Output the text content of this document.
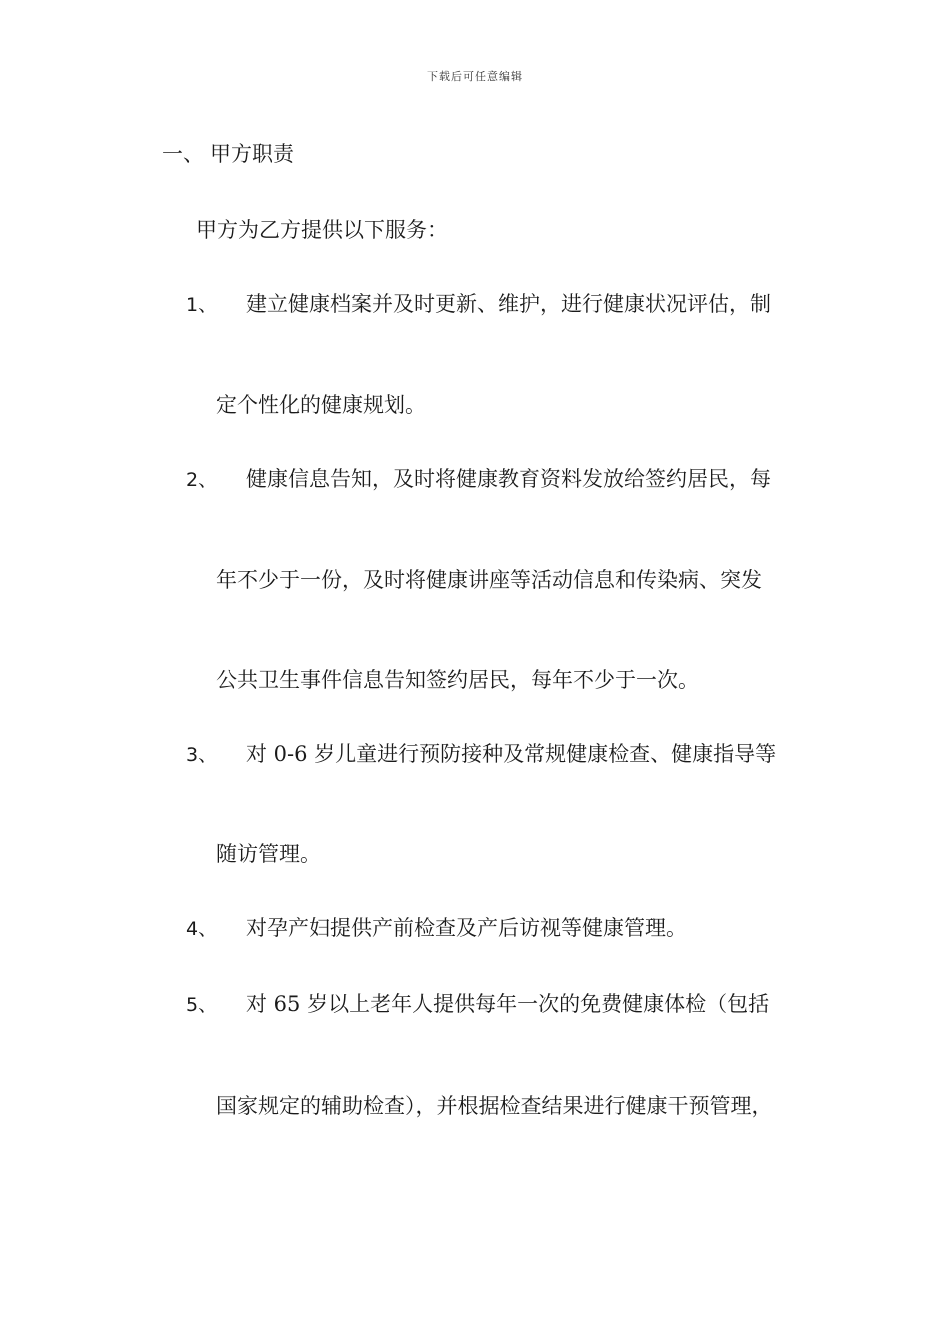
下载后可任意编辑
一、 甲方职责
甲方为乙方提供以下服务：
1、 建立健康档案并及时更新、维护，进行健康状况评估，制
定个性化的健康规划。
2、 健康信息告知，及时将健康教育资料发放给签约居民，每
年不少于一份，及时将健康讲座等活动信息和传染病、突发
公共卫生事件信息告知签约居民，每年不少于一次。
3、 对 0-6 岁儿童进行预防接种及常规健康检查、健康指导等
随访管理。
4、 对孕产妇提供产前检查及产后访视等健康管理。
5、 对 65 岁以上老年人提供每年一次的免费健康体检（包括
国家规定的辅助检查），并根据检查结果进行健康干预管理，
